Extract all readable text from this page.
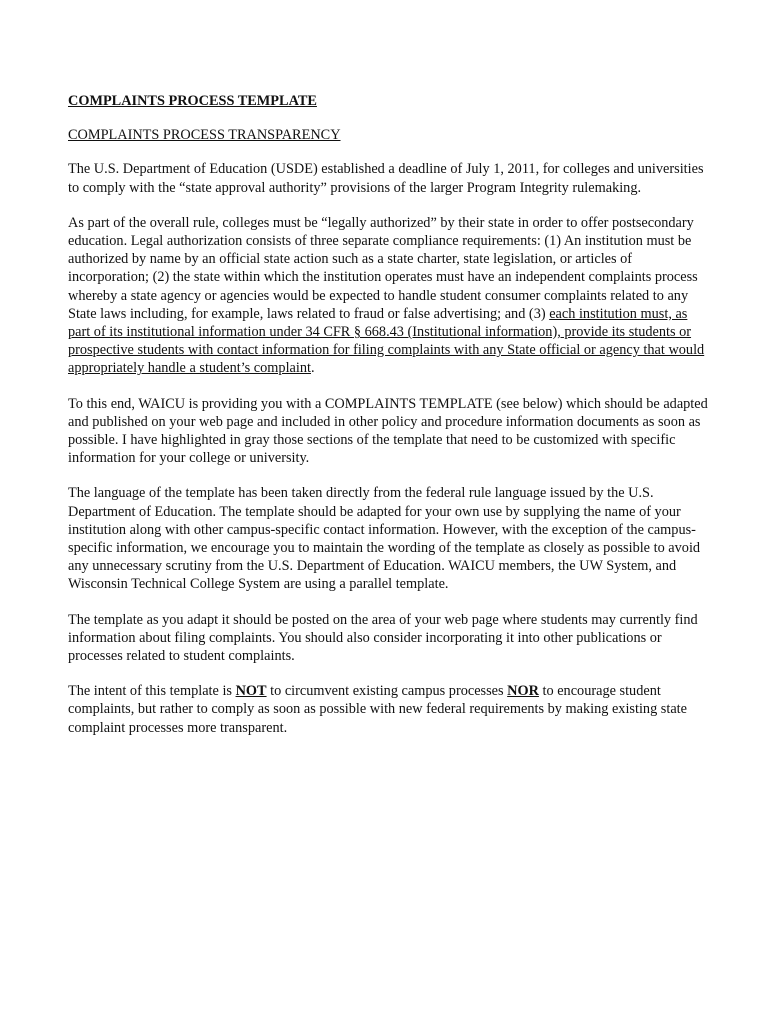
COMPLAINTS PROCESS TEMPLATE
COMPLAINTS PROCESS TRANSPARENCY

The U.S. Department of Education (USDE) established a deadline of July 1, 2011, for colleges and universities to comply with the “state approval authority” provisions of the larger Program Integrity rulemaking.

As part of the overall rule, colleges must be “legally authorized” by their state in order to offer postsecondary education. Legal authorization consists of three separate compliance requirements: (1) An institution must be authorized by name by an official state action such as a state charter, state legislation, or articles of incorporation; (2) the state within which the institution operates must have an independent complaints process whereby a state agency or agencies would be expected to handle student consumer complaints related to any State laws including, for example, laws related to fraud or false advertising; and (3) each institution must, as part of its institutional information under 34 CFR § 668.43 (Institutional information), provide its students or prospective students with contact information for filing complaints with any State official or agency that would appropriately handle a student’s complaint.

To this end, WAICU is providing you with a COMPLAINTS TEMPLATE (see below) which should be adapted and published on your web page and included in other policy and procedure information documents as soon as possible. I have highlighted in gray those sections of the template that need to be customized with specific information for your college or university.

The language of the template has been taken directly from the federal rule language issued by the U.S. Department of Education. The template should be adapted for your own use by supplying the name of your institution along with other campus-specific contact information. However, with the exception of the campus-specific information, we encourage you to maintain the wording of the template as closely as possible to avoid any unnecessary scrutiny from the U.S. Department of Education. WAICU members, the UW System, and Wisconsin Technical College System are using a parallel template.

The template as you adapt it should be posted on the area of your web page where students may currently find information about filing complaints. You should also consider incorporating it into other publications or processes related to student complaints.

The intent of this template is NOT to circumvent existing campus processes NOR to encourage student complaints, but rather to comply as soon as possible with new federal requirements by making existing state complaint processes more transparent.
